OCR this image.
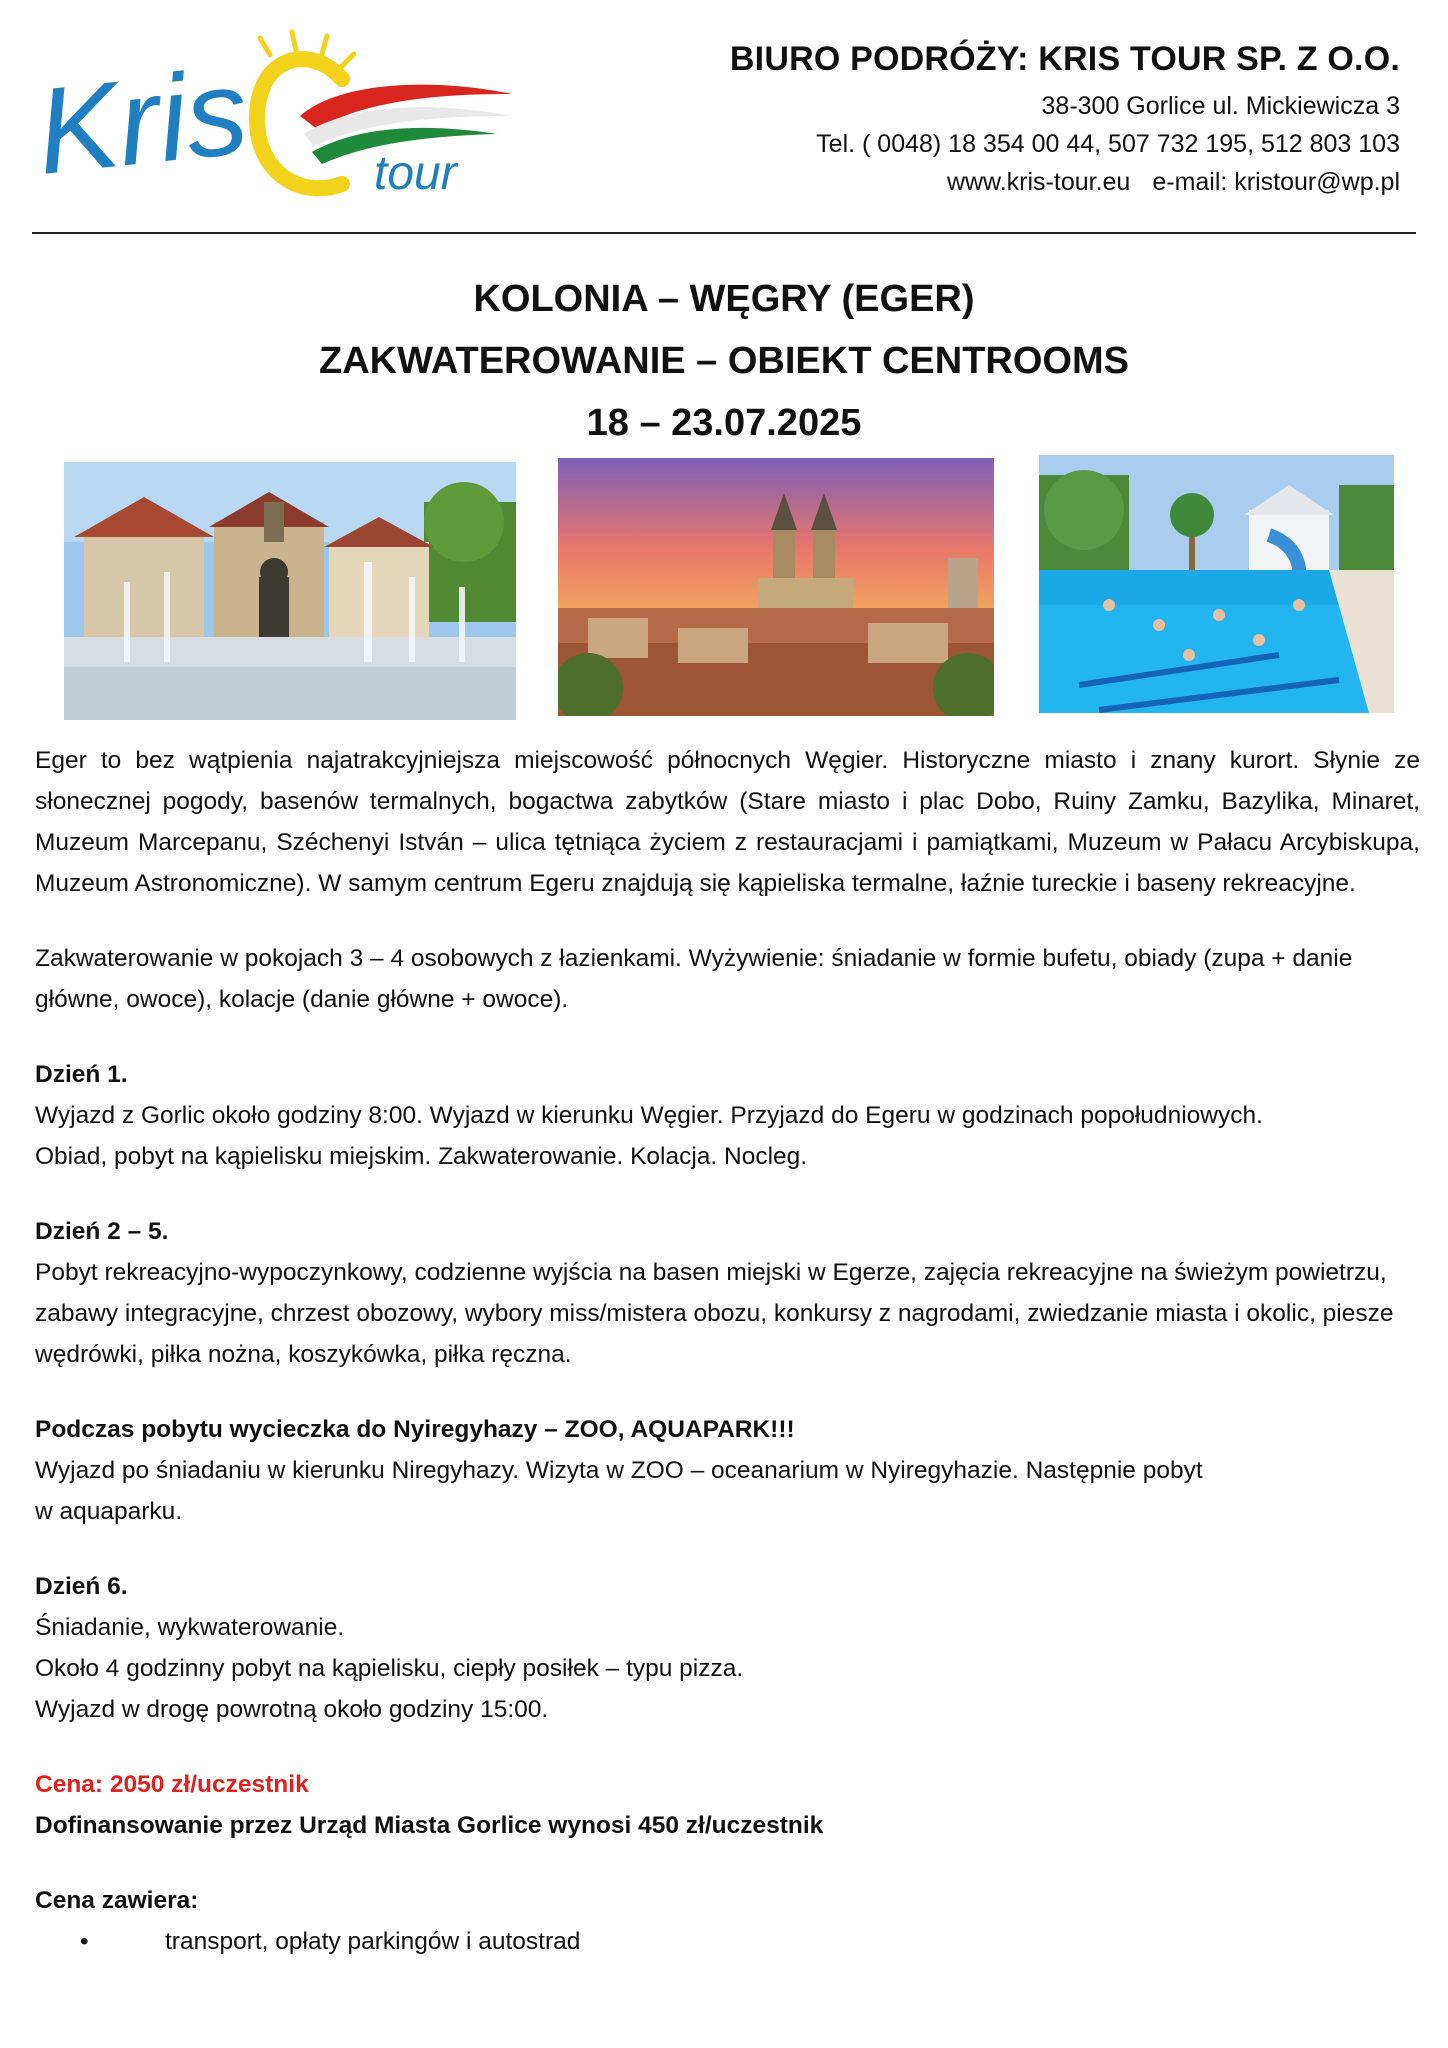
Kris	tour
BIURO PODRÓŻY: KRIS TOUR SP. Z O.O.
38-300 Gorlice ul. Mickiewicza 3
Tel. ( 0048) 18 354 00 44, 507 732 195, 512 803 103
www.kris-tour.eu e-mail: kristour@wp.pl
KOLONIA – WĘGRY (EGER)
ZAKWATEROWANIE – OBIEKT CENTROOMS
18 – 23.07.2025

Eger to bez wątpienia najatrakcyjniejsza miejscowość północnych Węgier. Historyczne miasto i znany kurort. Słynie ze słonecznej pogody, basenów termalnych, bogactwa zabytków (Stare miasto i plac Dobo, Ruiny Zamku, Bazylika, Minaret, Muzeum Marcepanu, Széchenyi István – ulica tętniąca życiem z restauracjami i pamiątkami, Muzeum w Pałacu Arcybiskupa, Muzeum Astronomiczne). W samym centrum Egeru znajdują się kąpieliska termalne, łaźnie tureckie i baseny rekreacyjne.

Zakwaterowanie w pokojach 3 – 4 osobowych z łazienkami. Wyżywienie: śniadanie w formie bufetu, obiady (zupa + danie główne, owoce), kolacje (danie główne + owoce).

Dzień 1.
Wyjazd z Gorlic około godziny 8:00. Wyjazd w kierunku Węgier. Przyjazd do Egeru w godzinach popołudniowych.
Obiad, pobyt na kąpielisku miejskim. Zakwaterowanie. Kolacja. Nocleg.

Dzień 2 – 5.
Pobyt rekreacyjno-wypoczynkowy, codzienne wyjścia na basen miejski w Egerze, zajęcia rekreacyjne na świeżym powietrzu, zabawy integracyjne, chrzest obozowy, wybory miss/mistera obozu, konkursy z nagrodami, zwiedzanie miasta i okolic, piesze wędrówki, piłka nożna, koszykówka, piłka ręczna.

Podczas pobytu wycieczka do Nyiregyhazy – ZOO, AQUAPARK!!!
Wyjazd po śniadaniu w kierunku Niregyhazy. Wizyta w ZOO – oceanarium w Nyiregyhazie. Następnie pobyt
w aquaparku.

Dzień 6.
Śniadanie, wykwaterowanie.
Około 4 godzinny pobyt na kąpielisku, ciepły posiłek – typu pizza.
Wyjazd w drogę powrotną około godziny 15:00.

Cena: 2050 zł/uczestnik
Dofinansowanie przez Urząd Miasta Gorlice wynosi 450 zł/uczestnik

Cena zawiera:
• transport, opłaty parkingów i autostrad
